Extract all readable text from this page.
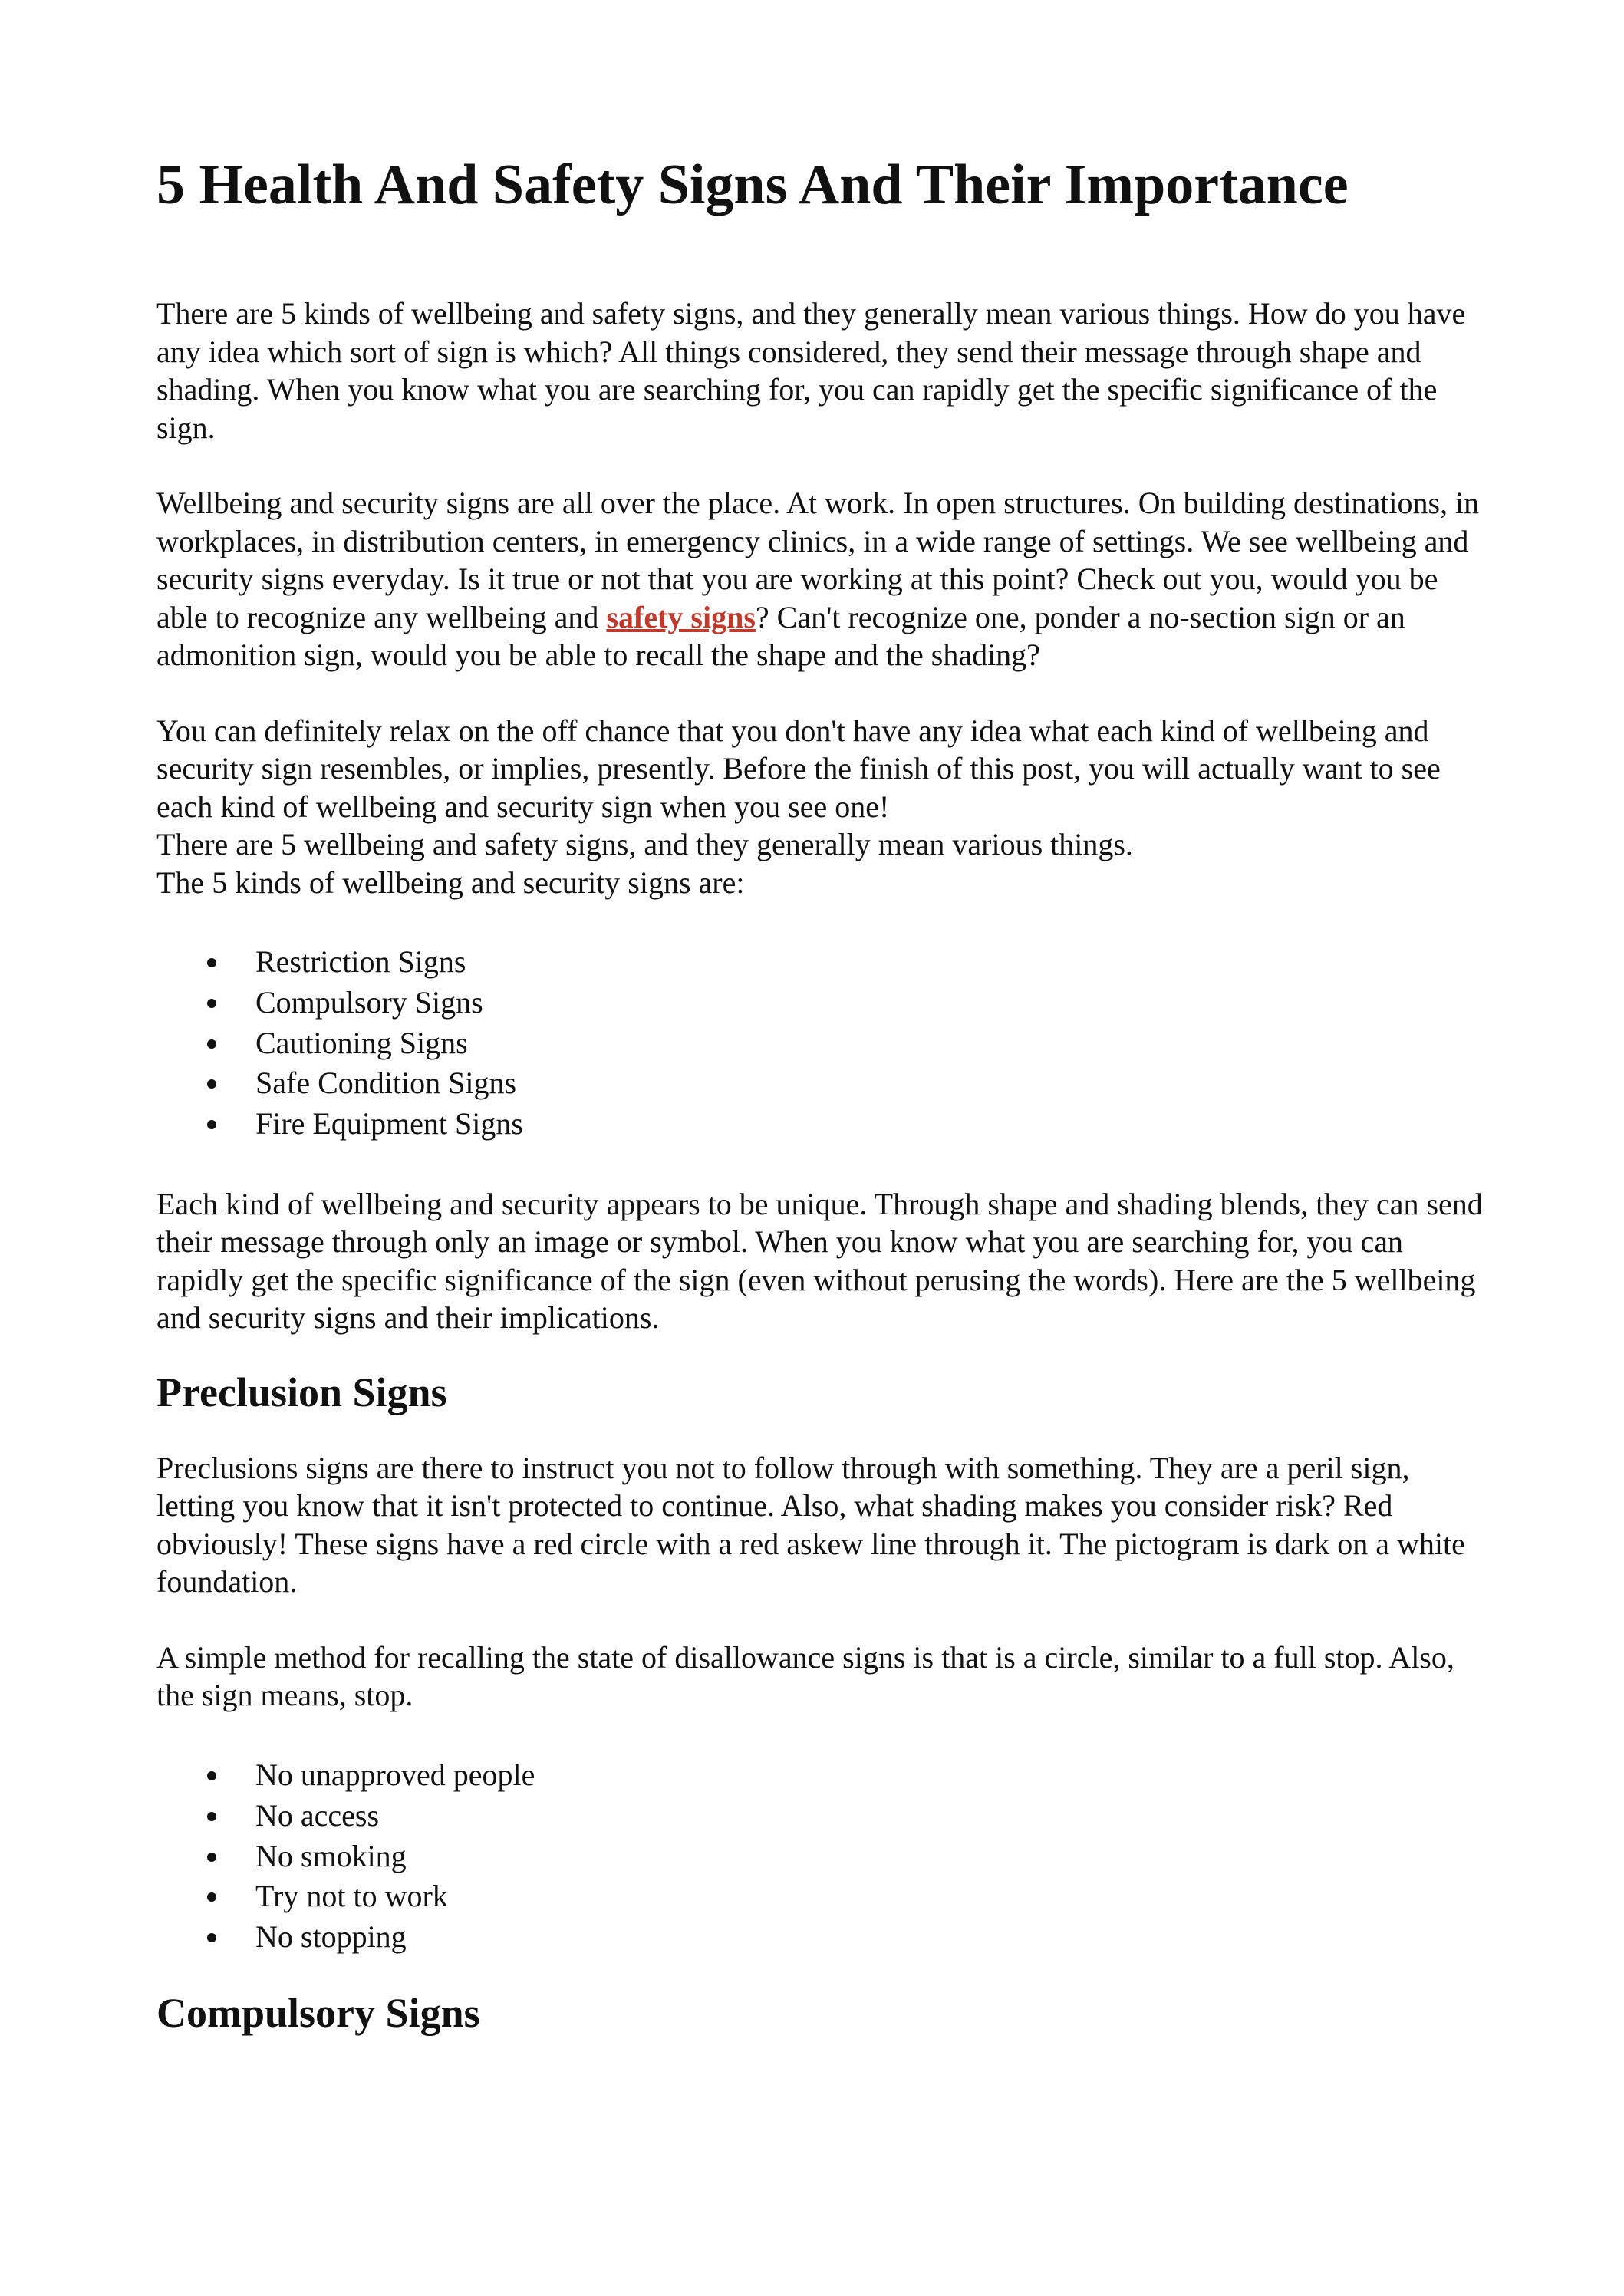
5 Health And Safety Signs And Their Importance

There are 5 kinds of wellbeing and safety signs, and they generally mean various things. How do you have any idea which sort of sign is which? All things considered, they send their message through shape and shading. When you know what you are searching for, you can rapidly get the specific significance of the sign.

Wellbeing and security signs are all over the place. At work. In open structures. On building destinations, in workplaces, in distribution centers, in emergency clinics, in a wide range of settings. We see wellbeing and security signs everyday. Is it true or not that you are working at this point? Check out you, would you be able to recognize any wellbeing and safety signs? Can't recognize one, ponder a no-section sign or an admonition sign, would you be able to recall the shape and the shading?

You can definitely relax on the off chance that you don't have any idea what each kind of wellbeing and security sign resembles, or implies, presently. Before the finish of this post, you will actually want to see each kind of wellbeing and security sign when you see one!
There are 5 wellbeing and safety signs, and they generally mean various things.
The 5 kinds of wellbeing and security signs are:

Restriction Signs
Compulsory Signs
Cautioning Signs
Safe Condition Signs
Fire Equipment Signs

Each kind of wellbeing and security appears to be unique. Through shape and shading blends, they can send their message through only an image or symbol. When you know what you are searching for, you can rapidly get the specific significance of the sign (even without perusing the words). Here are the 5 wellbeing and security signs and their implications.

Preclusion Signs

Preclusions signs are there to instruct you not to follow through with something. They are a peril sign, letting you know that it isn't protected to continue. Also, what shading makes you consider risk? Red obviously! These signs have a red circle with a red askew line through it. The pictogram is dark on a white foundation.

A simple method for recalling the state of disallowance signs is that is a circle, similar to a full stop. Also, the sign means, stop.

No unapproved people
No access
No smoking
Try not to work
No stopping
Compulsory Signs
